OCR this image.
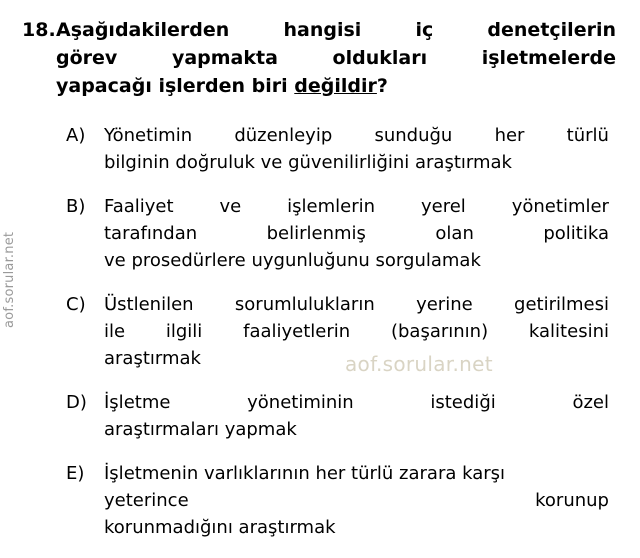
aof.sorular.net
18. Aşağıdakilerden	hangisi	iç	denetçilerin
görev	yapmakta	oldukları	işletmelerde
yapacağı işlerden biri değildir?
A)	Yönetimin düzenleyip sunduğu her türlü
bilginin doğruluk ve güvenilirliğini araştırmak
B)	Faaliyet	ve	işlemlerin	yerel	yönetimler
tarafından	belirlenmiş	olan	politika
ve prosedürlere uygunluğunu sorgulamak
C)	Üstlenilen sorumlulukların yerine getirilmesi
ile ilgili faaliyetlerin (başarının) kalitesini
araştırmak
D) İşletme	yönetiminin	istediği	özel
araştırmaları yapmak
E)	İşletmenin varlıklarının her türlü zarara karşı
yeterince	korunup
korunmadığını araştırmak
aof.sorular.net
